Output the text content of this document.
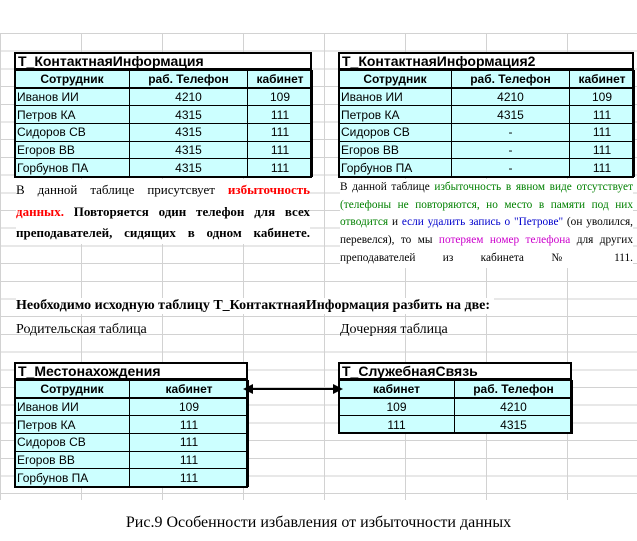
T_КонтактнаяИнформация
Сотрудник	раб. Телефон	кабинет
Иванов ИИ	4210	109
Петров КА	4315	111
Сидоров СВ	4315	111
Егоров ВВ	4315	111
Горбунов ПА	4315	111
T_КонтактнаяИнформация2
Сотрудник	раб. Телефон	кабинет
Иванов ИИ	4210	109
Петров КА	4315	111
Сидоров СВ	-	111
Егоров ВВ	-	111
Горбунов ПА	-	111

В данной таблице присутсвует избыточность данных. Повторяется один телефон для всех преподавателей, сидящих в одном кабинете.

В данной таблице избыточность в явном виде отсутствует (телефоны не повторяются, но место в памяти под них отводится и если удалить запись о "Петрове" (он уволился, перевелся), то мы потеряем номер телефона для других преподавателей из кабинета № 111.

Необходимо исходную таблицу T_КонтактнаяИнформация разбить на две:
Родительская таблица	Дочерняя таблица
T_Местонахождения
Сотрудник	кабинет
Иванов ИИ	109
Петров КА	111
Сидоров СВ	111
Егоров ВВ	111
Горбунов ПА	111
T_СлужебнаяСвязь
кабинет	раб. Телефон
109	4210
111	4315
Рис.9 Особенности избавления от избыточности данных
